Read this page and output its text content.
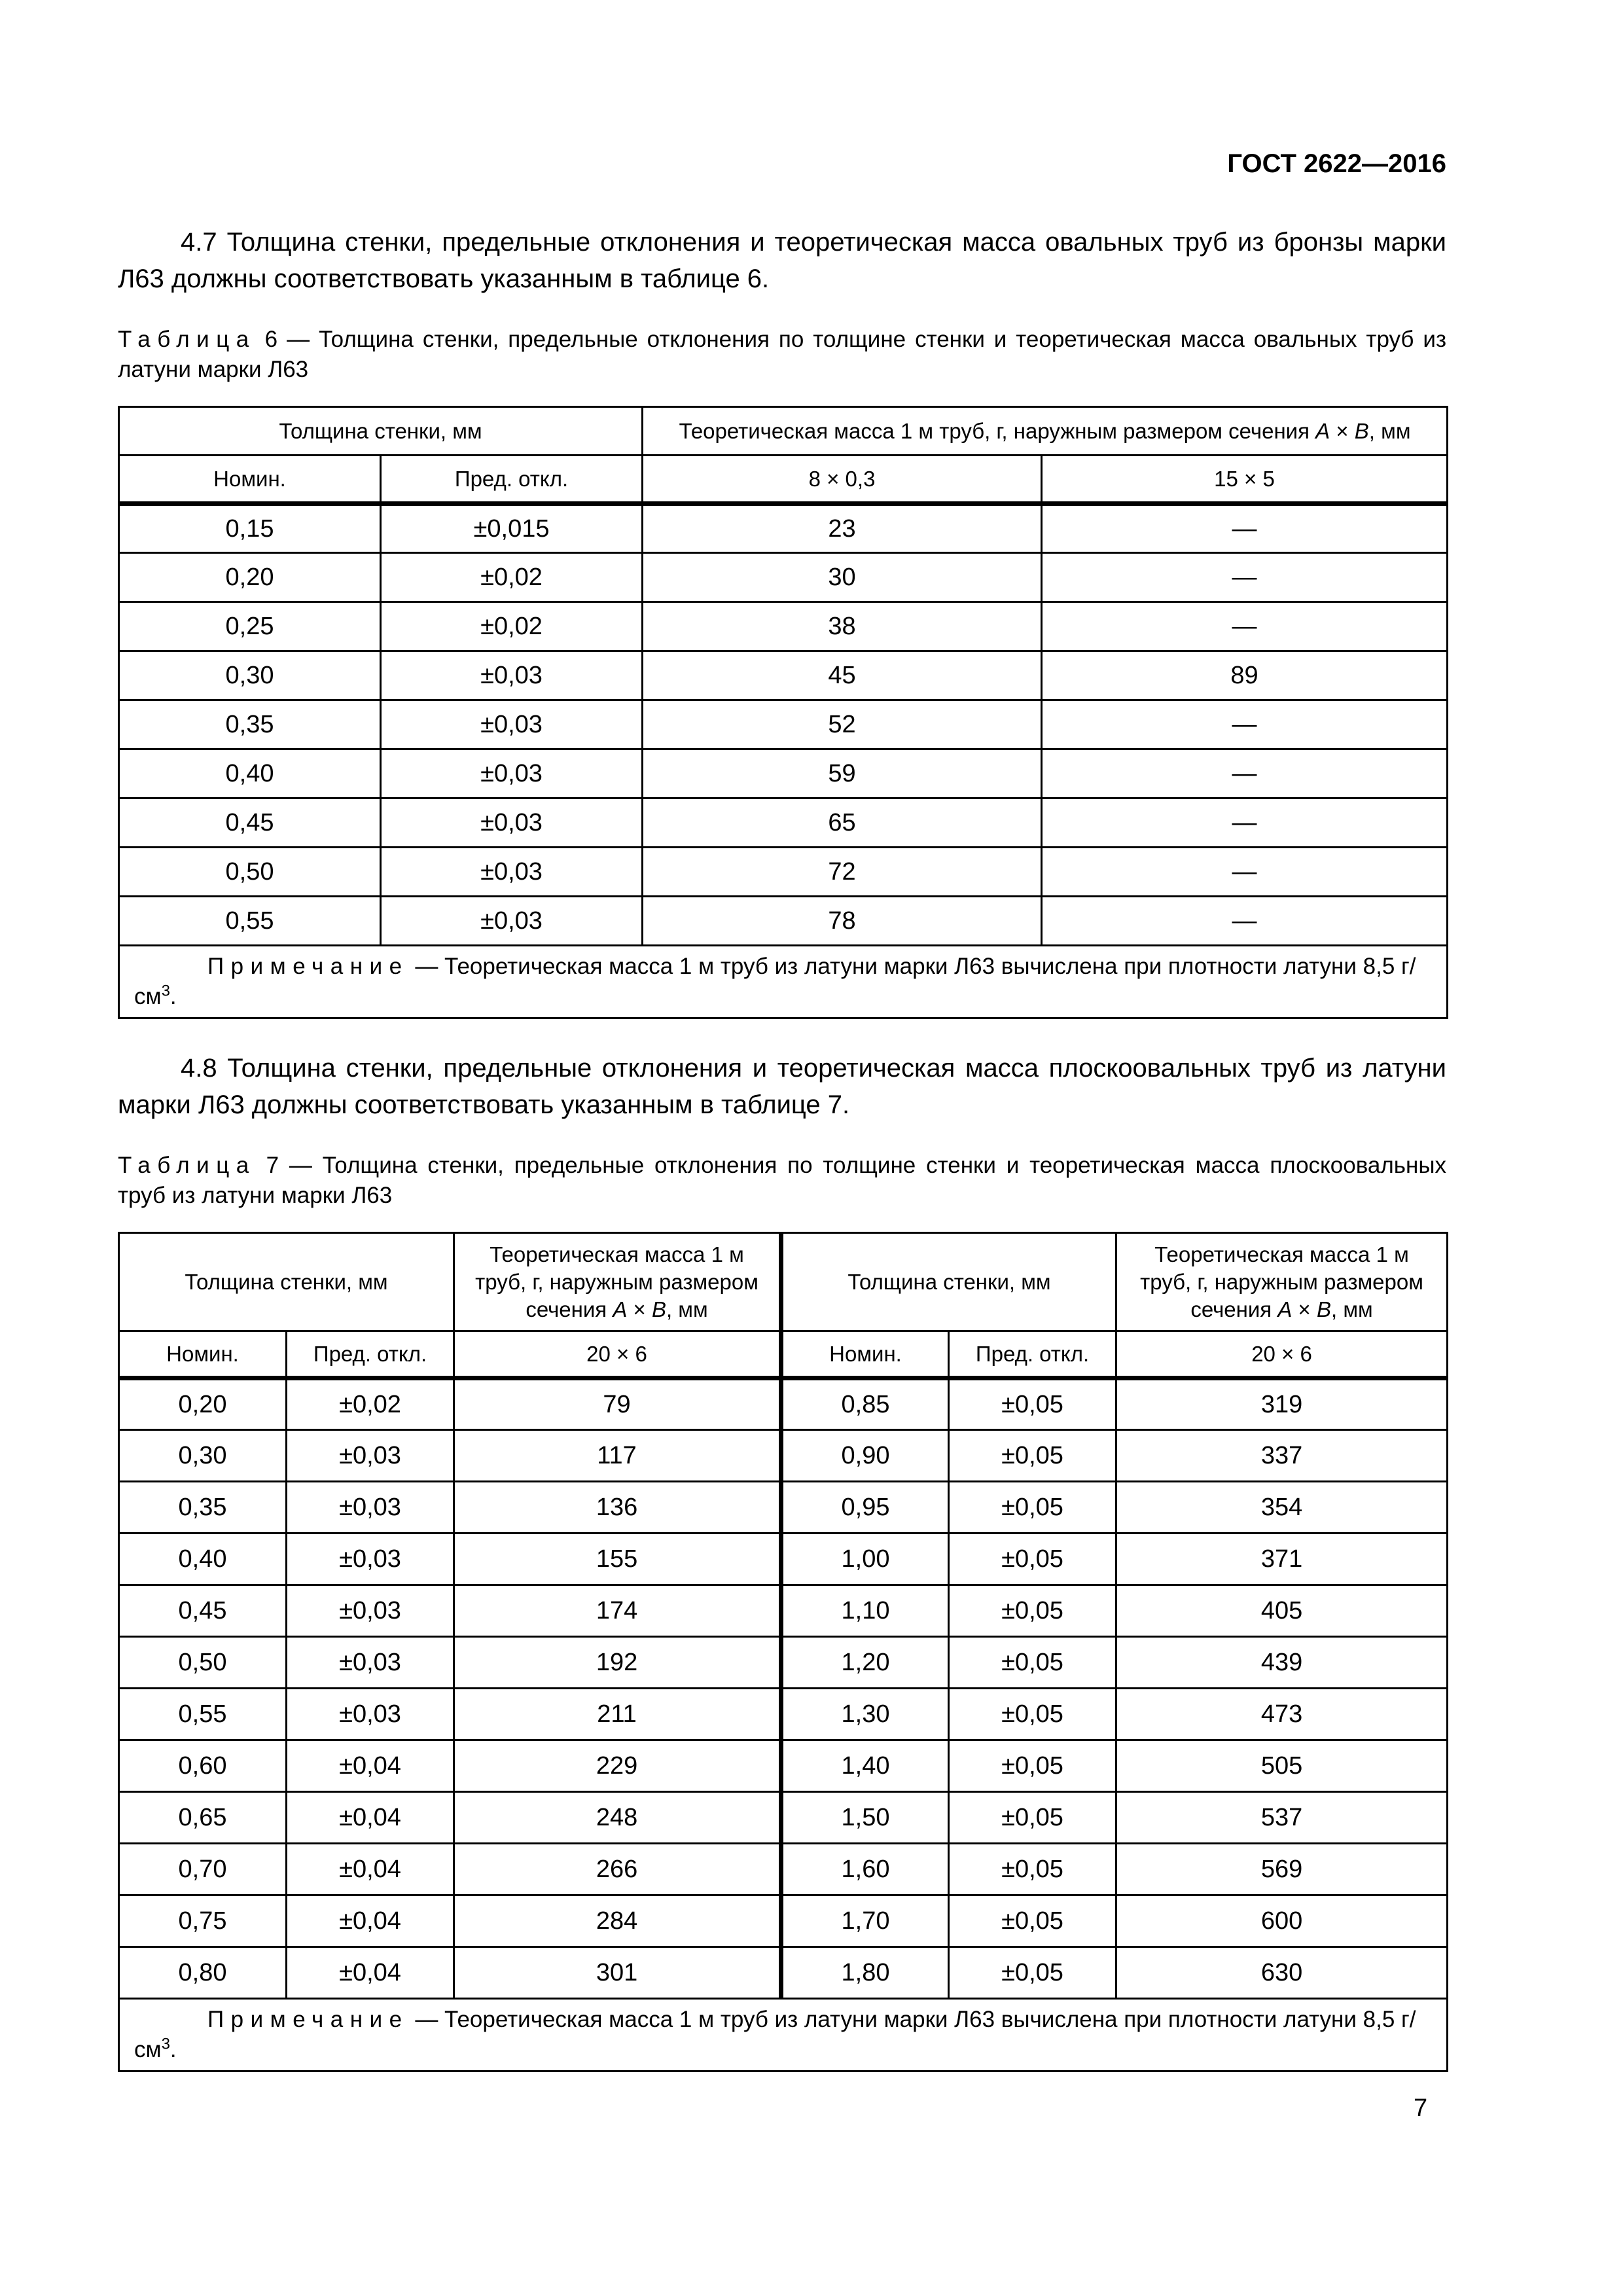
ГОСТ 2622—2016
4.7 Толщина стенки, предельные отклонения и теоретическая масса овальных труб из бронзы марки Л63 должны соответствовать указанным в таблице 6.
Таблица 6 — Толщина стенки, предельные отклонения по толщине стенки и теоретическая масса овальных труб из латуни марки Л63
Толщина стенки, мм		Теоретическая масса 1 м труб, г, наружным размером сечения A × B, мм	
Номин.	Пред. откл.	8 × 0,3	15 × 5
0,15	±0,015	23	—
0,20	±0,02	30	—
0,25	±0,02	38	—
0,30	±0,03	45	89
0,35	±0,03	52	—
0,40	±0,03	59	—
0,45	±0,03	65	—
0,50	±0,03	72	—
0,55	±0,03	78	—
Примечание — Теоретическая масса 1 м труб из латуни марки Л63 вычислена при плотности латуни 8,5 $г/см^3$.			
4.8 Толщина стенки, предельные отклонения и теоретическая масса плоскоовальных труб из латуни марки Л63 должны соответствовать указанным в таблице 7.
Таблица 7 — Толщина стенки, предельные отклонения по толщине стенки и теоретическая масса плоскоовальных труб из латуни марки Л63
Толщина стенки, мм		Теоретическая масса 1 м труб, г, наружным размером сечения A × B, мм	Толщина стенки, мм		Теоретическая масса 1 м труб, г, наружным размером сечения A × B, мм
Номин.	Пред. откл.	20 × 6	Номин.	Пред. откл.	20 × 6
0,20	±0,02	79	0,85	±0,05	319
0,30	±0,03	117	0,90	±0,05	337
0,35	±0,03	136	0,95	±0,05	354
0,40	±0,03	155	1,00	±0,05	371
0,45	±0,03	174	1,10	±0,05	405
0,50	±0,03	192	1,20	±0,05	439
0,55	±0,03	211	1,30	±0,05	473
0,60	±0,04	229	1,40	±0,05	505
0,65	±0,04	248	1,50	±0,05	537
0,70	±0,04	266	1,60	±0,05	569
0,75	±0,04	284	1,70	±0,05	600
0,80	±0,04	301	1,80	±0,05	630
Примечание — Теоретическая масса 1 м труб из латуни марки Л63 вычислена при плотности латуни 8,5 $г/см^3$.					
7
